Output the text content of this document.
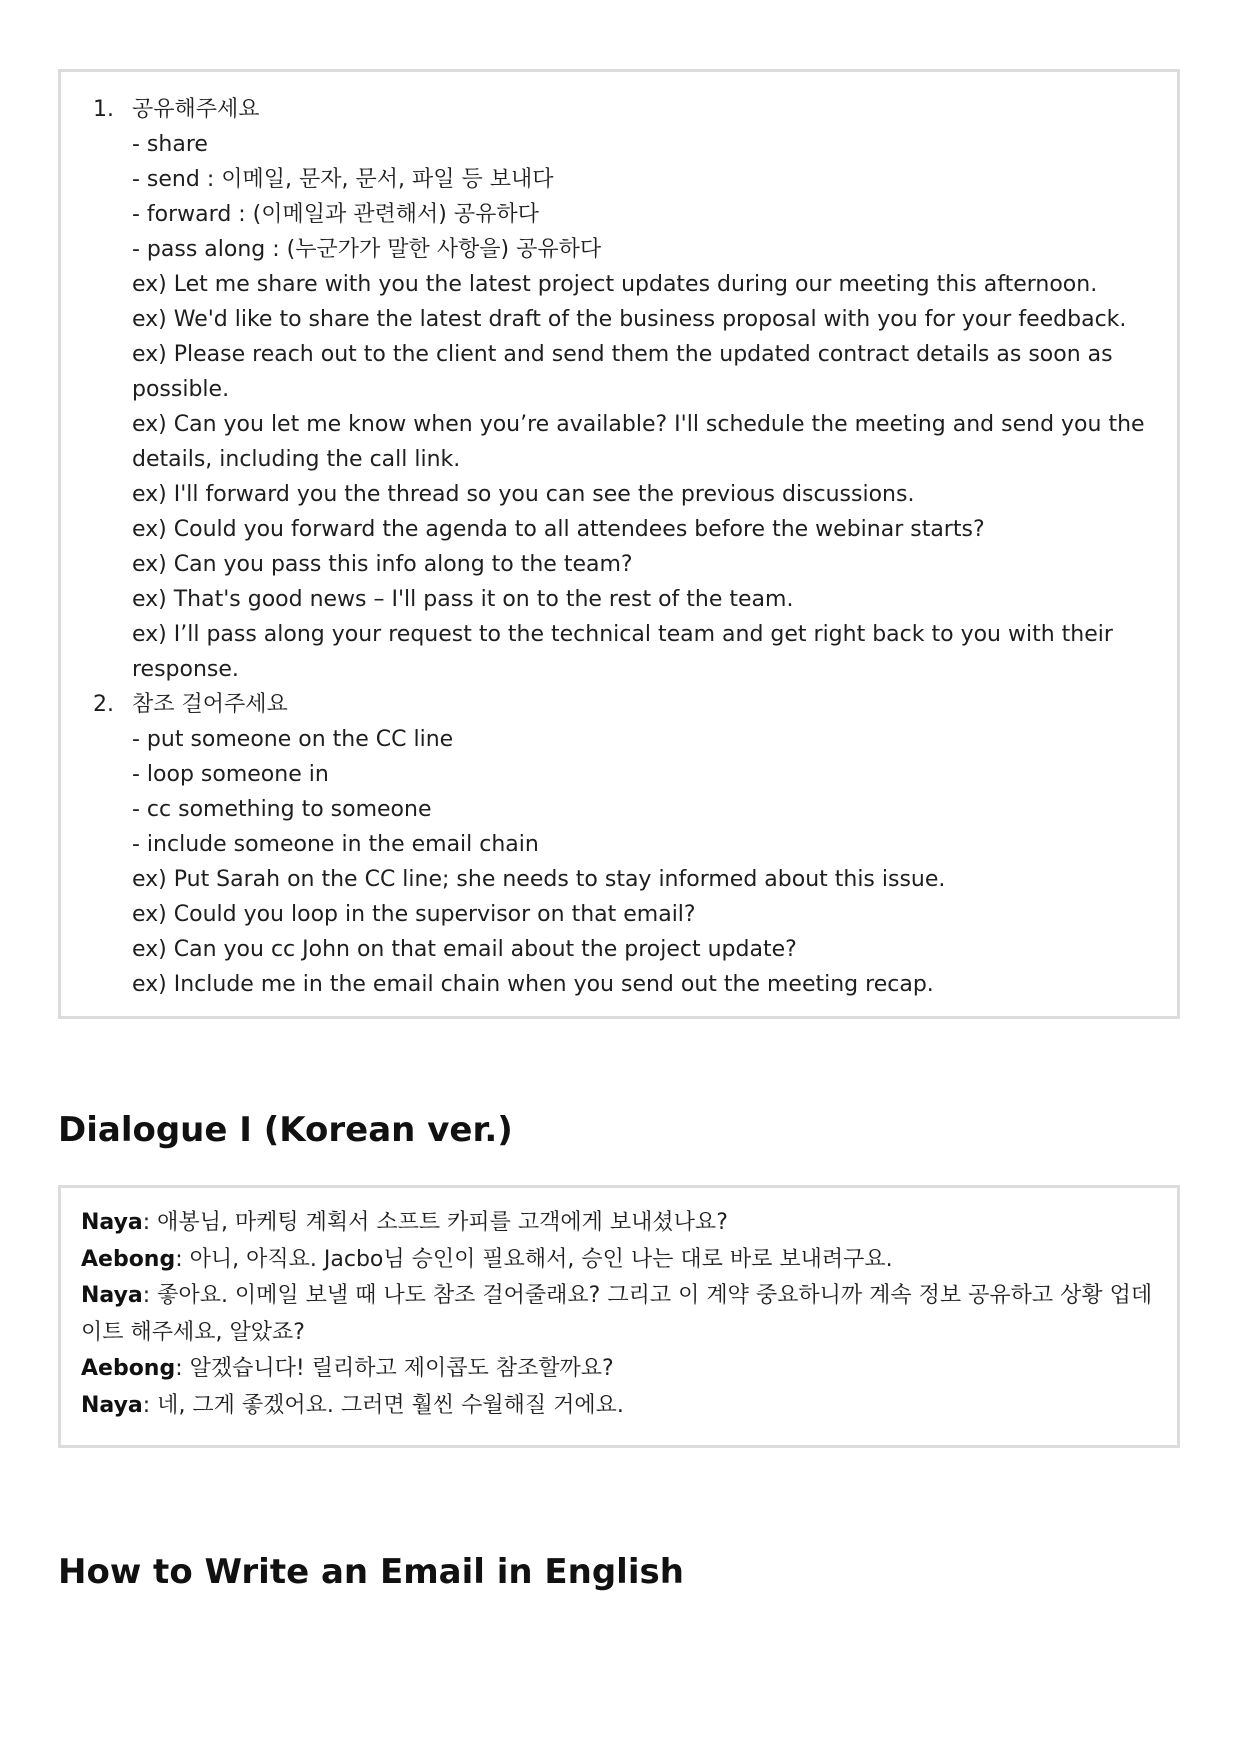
1. 공유해주세요
- share
- send : 이메일, 문자, 문서, 파일 등 보내다
- forward : (이메일과 관련해서) 공유하다
- pass along : (누군가가 말한 사항을) 공유하다
ex) Let me share with you the latest project updates during our meeting this afternoon.
ex) We'd like to share the latest draft of the business proposal with you for your feedback.
ex) Please reach out to the client and send them the updated contract details as soon as possible.
ex) Can you let me know when you’re available? I'll schedule the meeting and send you the details, including the call link.
ex) I'll forward you the thread so you can see the previous discussions.
ex) Could you forward the agenda to all attendees before the webinar starts?
ex) Can you pass this info along to the team?
ex) That's good news – I'll pass it on to the rest of the team.
ex) I’ll pass along your request to the technical team and get right back to you with their response.
2. 참조 걸어주세요
- put someone on the CC line
- loop someone in
- cc something to someone
- include someone in the email chain
ex) Put Sarah on the CC line; she needs to stay informed about this issue.
ex) Could you loop in the supervisor on that email?
ex) Can you cc John on that email about the project update?
ex) Include me in the email chain when you send out the meeting recap.
Dialogue I (Korean ver.)

Naya: 애봉님, 마케팅 계획서 소프트 카피를 고객에게 보내셨나요?

Aebong: 아니, 아직요. Jacbo님 승인이 필요해서, 승인 나는 대로 바로 보내려구요.

Naya: 좋아요. 이메일 보낼 때 나도 참조 걸어줄래요? 그리고 이 계약 중요하니까 계속 정보 공유하고 상황 업데이트 해주세요, 알았죠?

Aebong: 알겠습니다! 릴리하고 제이콥도 참조할까요?

Naya: 네, 그게 좋겠어요. 그러면 훨씬 수월해질 거에요.

How to Write an Email in English
